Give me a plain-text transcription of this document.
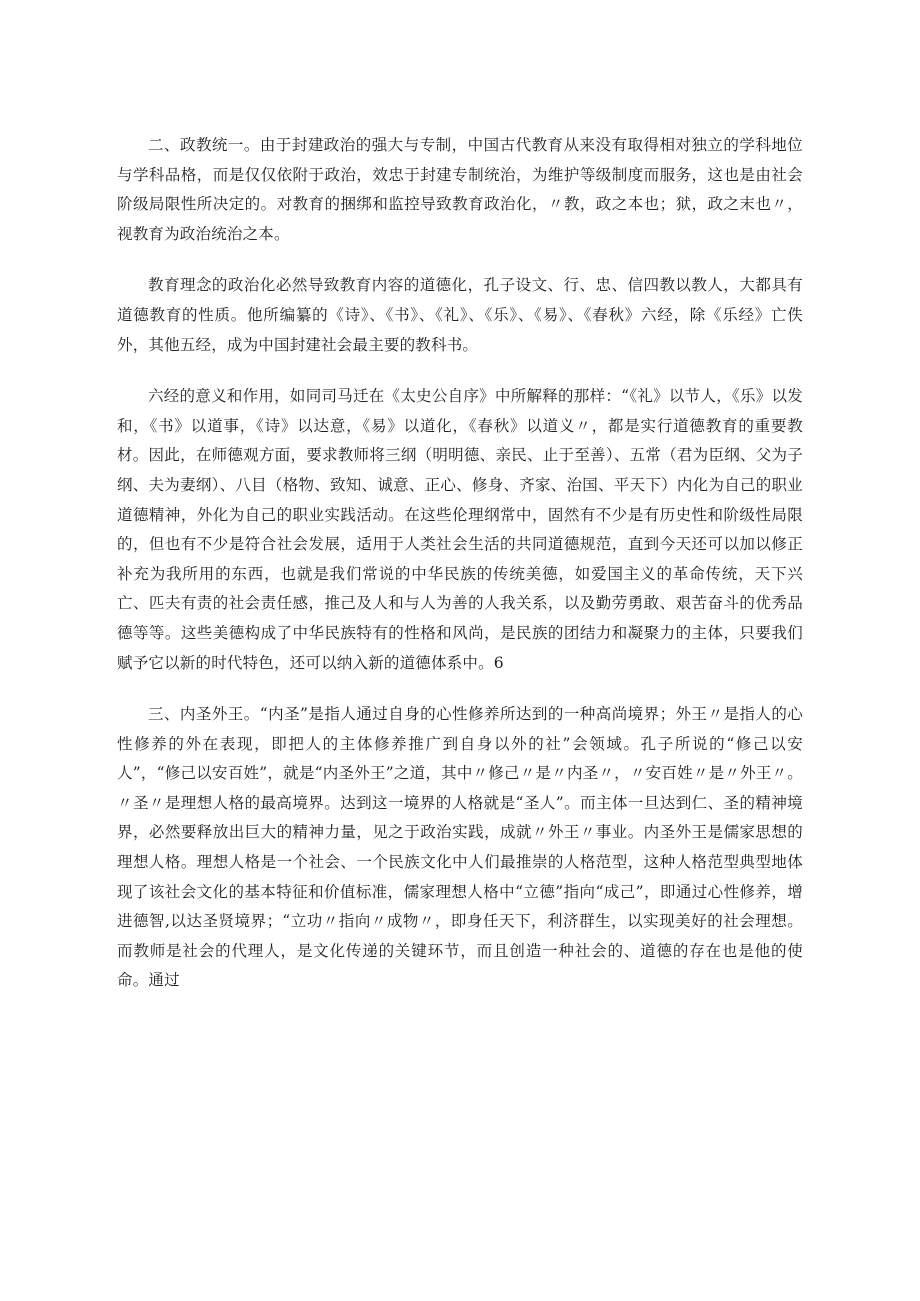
二、政教统一。由于封建政治的强大与专制，中国古代教育从来没有取得相对独立的学科地位与学科品格，而是仅仅依附于政治，效忠于封建专制统治，为维护等级制度而服务，这也是由社会阶级局限性所决定的。对教育的捆绑和监控导致教育政治化，〃教，政之本也；狱，政之末也〃，视教育为政治统治之本。

教育理念的政治化必然导致教育内容的道德化，孔子设文、行、忠、信四教以教人，大都具有道德教育的性质。他所编纂的《诗》、《书》、《礼》、《乐》、《易》、《春秋》六经，除《乐经》亡佚外，其他五经，成为中国封建社会最主要的教科书。

六经的意义和作用，如同司马迁在《太史公自序》中所解释的那样：“《礼》以节人，《乐》以发和，《书》以道事，《诗》以达意，《易》以道化，《春秋》以道义〃，都是实行道德教育的重要教材。因此，在师德观方面，要求教师将三纲（明明德、亲民、止于至善）、五常（君为臣纲、父为子纲、夫为妻纲）、八目（格物、致知、诚意、正心、修身、齐家、治国、平天下）内化为自己的职业道德精神，外化为自己的职业实践活动。在这些伦理纲常中，固然有不少是有历史性和阶级性局限的，但也有不少是符合社会发展，适用于人类社会生活的共同道德规范，直到今天还可以加以修正补充为我所用的东西，也就是我们常说的中华民族的传统美德，如爱国主义的革命传统，天下兴亡、匹夫有责的社会责任感，推己及人和与人为善的人我关系，以及勤劳勇敢、艰苦奋斗的优秀品德等等。这些美德构成了中华民族特有的性格和风尚，是民族的团结力和凝聚力的主体，只要我们赋予它以新的时代特色，还可以纳入新的道德体系中。6

三、内圣外王。“内圣”是指人通过自身的心性修养所达到的一种高尚境界；外王〃是指人的心性修养的外在表现，即把人的主体修养推广到自身以外的社”会领域。孔子所说的“修己以安人”，“修己以安百姓”，就是“内圣外王”之道，其中〃修己〃是〃内圣〃，〃安百姓〃是〃外王〃。〃圣〃是理想人格的最高境界。达到这一境界的人格就是“圣人”。而主体一旦达到仁、圣的精神境界，必然要释放出巨大的精神力量，见之于政治实践，成就〃外王〃事业。内圣外王是儒家思想的理想人格。理想人格是一个社会、一个民族文化中人们最推崇的人格范型，这种人格范型典型地体现了该社会文化的基本特征和价值标准，儒家理想人格中“立德”指向“成己”，即通过心性修养，增进德智,以达圣贤境界；“立功〃指向〃成物〃，即身任天下，利济群生，以实现美好的社会理想。而教师是社会的代理人，是文化传递的关键环节，而且创造一种社会的、道德的存在也是他的使命。通过
